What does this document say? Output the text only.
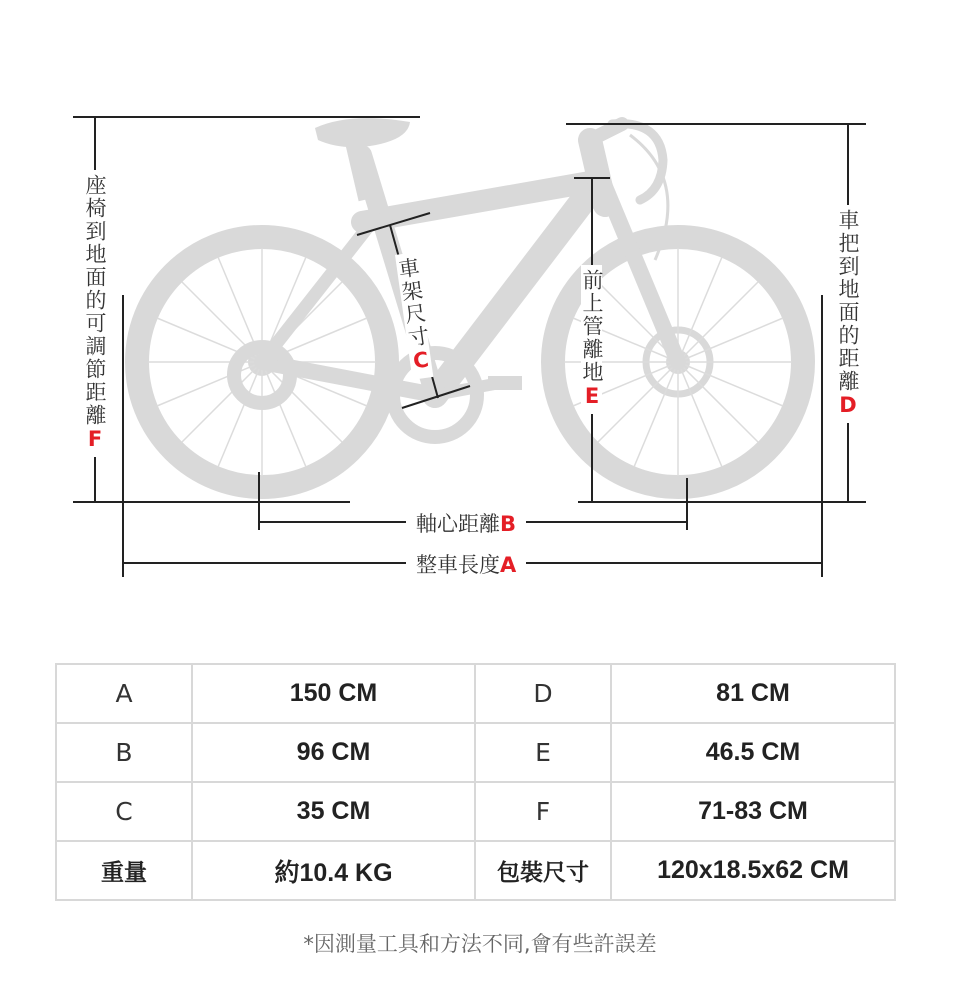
座椅到地面的可調節距離F
車把到地面的距離D
前上管離地E
車架尺寸C
軸心距離B
整車長度A
A	150 CM	D	81 CM
B	96 CM	E	46.5 CM
C	35 CM	F	71-83 CM
重量	約10.4 KG	包裝尺寸	120x18.5x62 CM
*因測量工具和方法不同,會有些許誤差
